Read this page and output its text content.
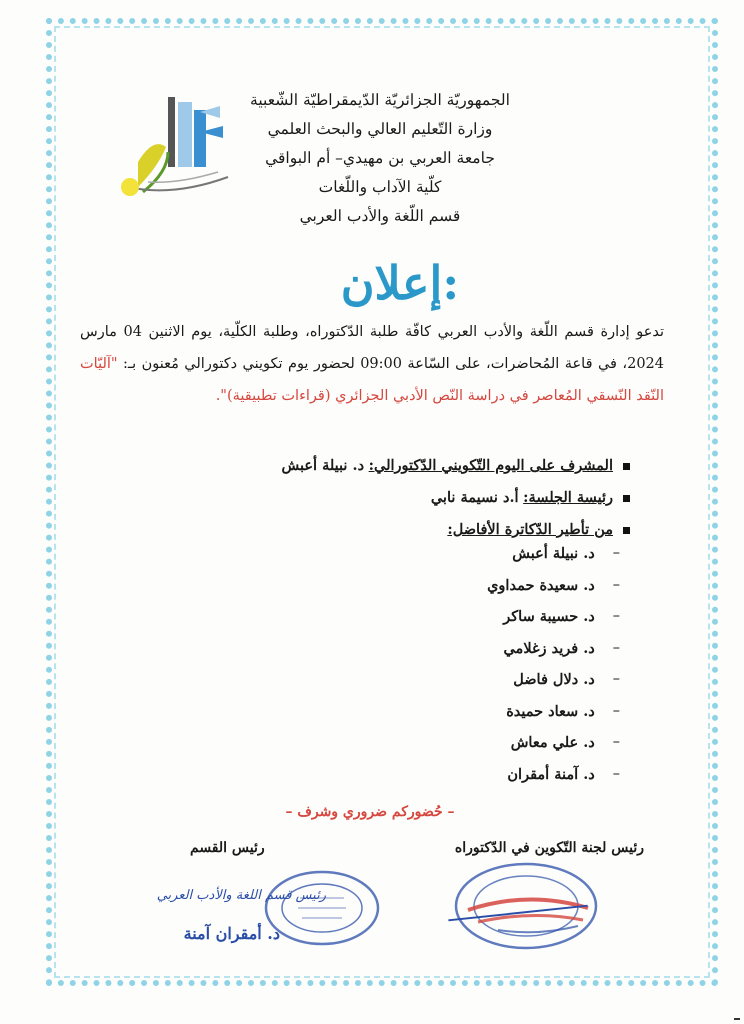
الجمهوريّة الجزائريّة الدّيمقراطيّة الشّعبية
وزارة التّعليم العالي والبحث العلمي
جامعة العربي بن مهيدي– أم البواقي
كلّية الآداب واللّغات
قسم اللّغة والأدب العربي
إعلان:
تدعو إدارة قسم اللّغة والأدب العربي كافّة طلبة الدّكتوراه، وطلبة الكلّية، يوم الاثنين 04 مارس 2024، في قاعة المُحاضرات، على السّاعة 09:00 لحضور يوم تكويني دكتورالي مُعنون بـ: "آليّات النّقد النّسقي المُعاصر في دراسة النّص الأدبي الجزائري (قراءات تطبيقية)".
المشرف على اليوم التّكويني الدّكتورالي:

د. نبيلة أعبش
رئيسة الجلسة:

أ.د نسيمة نابي
من تأطير الدّكاترة الأفاضل:
–
د. نبيلة أعبش
–
د. سعيدة حمداوي
–
د. حسيبة ساكر
–
د. فريد زغلامي
–
د. دلال فاضل
–
د. سعاد حميدة
–
د. علي معاش
–
د. آمنة أمقران
– حُضوركم ضروري وشرف –
رئيس لجنة التّكوين في الدّكتوراه
رئيس القسم
رئيس قسم اللغة والأدب العربي
د. أمقران آمنة
